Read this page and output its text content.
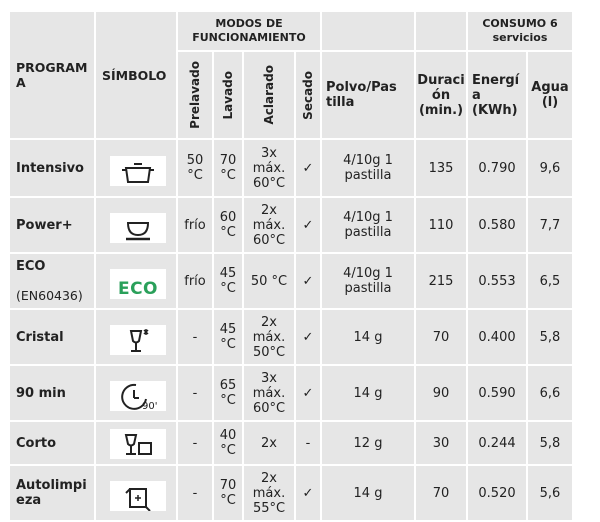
PROGRAM
A	SÍMBOLO	MODOS DE FUNCIONAMIENTO						CONSUMO 6 servicios	

		Prelavado	Lavado	Aclarado	Secado	Polvo/Pas tilla	Duraci ón (min.)	Energí a (KWh)	Agua (l)
Intensivo		50 °C	70 °C	3x máx. 60°C	✓	4/10g 1 pastilla	135	0.790	9,6
Power+		frío	60 °C	2x máx. 60°C	✓	4/10g 1 pastilla	110	0.580	7,7
ECO
(EN60436)	ECO	frío	45 °C	50 °C	✓	4/10g 1 pastilla	215	0.553	6,5
Cristal		-	45 °C	2x máx. 50°C	✓	14 g	70	0.400	5,8
90 min	90'	-	65 °C	3x máx. 60°C	✓	14 g	90	0.590	6,6
Corto		-	40 °C	2x	-	12 g	30	0.244	5,8
Autolimpi eza		-	70 °C	2x máx. 55°C	✓	14 g	70	0.520	5,6
